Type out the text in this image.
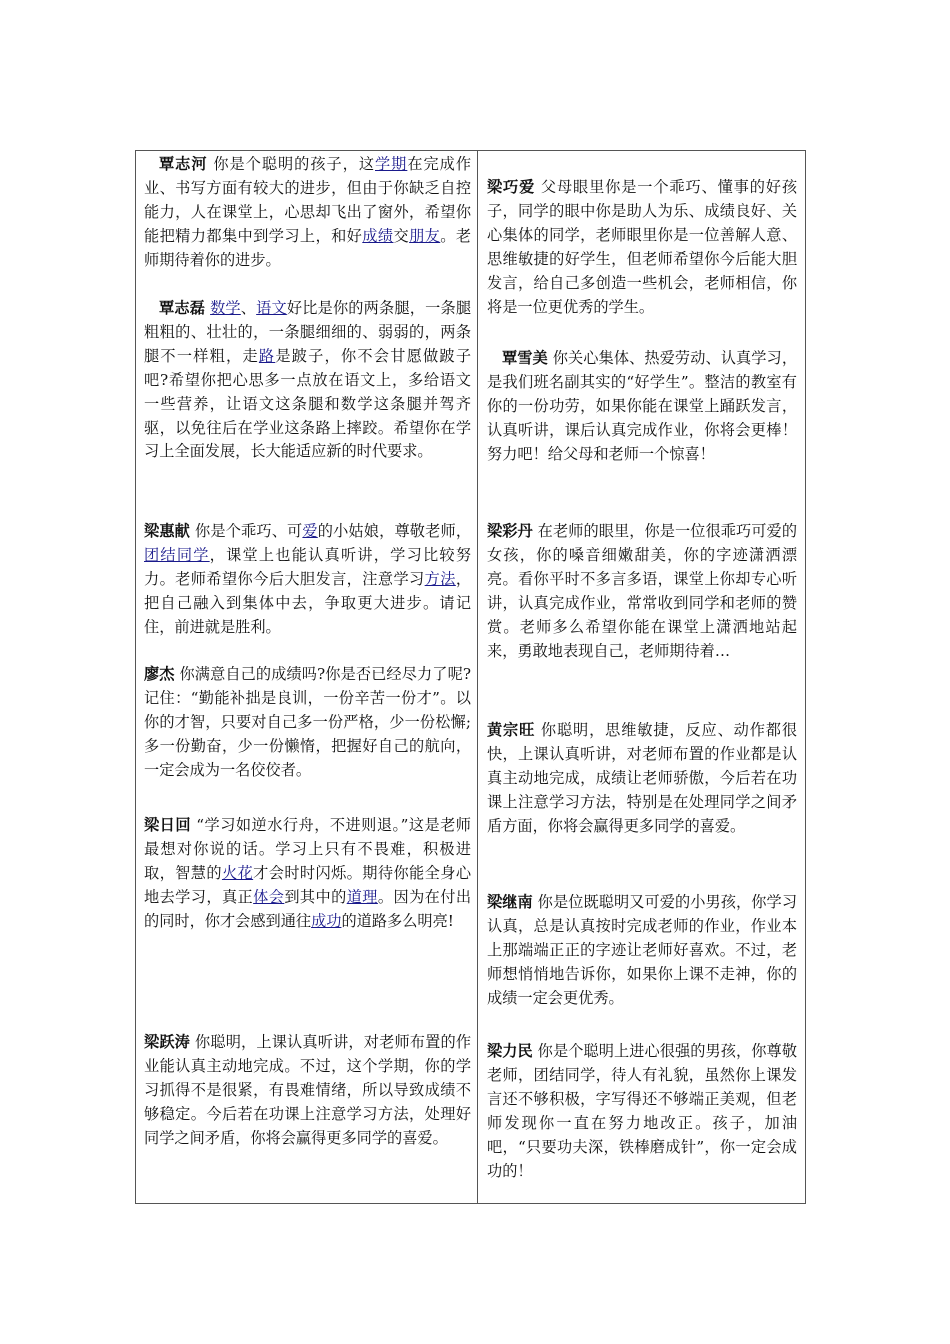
覃志河 你是个聪明的孩子，这学期在完成作业、书写方面有较大的进步，但由于你缺乏自控能力，人在课堂上，心思却飞出了窗外，希望你能把精力都集中到学习上，和好成绩交朋友。老师期待着你的进步。
覃志磊 数学、语文好比是你的两条腿，一条腿粗粗的、壮壮的，一条腿细细的、弱弱的，两条腿不一样粗，走路是跛子，你不会甘愿做跛子吧?希望你把心思多一点放在语文上，多给语文一些营养，让语文这条腿和数学这条腿并驾齐驱，以免往后在学业这条路上摔跤。希望你在学习上全面发展，长大能适应新的时代要求。
梁惠献 你是个乖巧、可爱的小姑娘，尊敬老师，团结同学，课堂上也能认真听讲，学习比较努力。老师希望你今后大胆发言，注意学习方法，把自己融入到集体中去，争取更大进步。请记住，前进就是胜利。
廖杰 你满意自己的成绩吗?你是否已经尽力了呢?记住：“勤能补拙是良训，一份辛苦一份才”。以你的才智，只要对自己多一份严格，少一份松懈;多一份勤奋，少一份懒惰，把握好自己的航向，一定会成为一名佼佼者。
梁日回 “学习如逆水行舟，不进则退。”这是老师最想对你说的话。学习上只有不畏难，积极进取，智慧的火花才会时时闪烁。期待你能全身心地去学习，真正体会到其中的道理。因为在付出的同时，你才会感到通往成功的道路多么明亮!
梁跃涛 你聪明，上课认真听讲，对老师布置的作业能认真主动地完成。不过，这个学期，你的学习抓得不是很紧，有畏难情绪，所以导致成绩不够稳定。今后若在功课上注意学习方法，处理好同学之间矛盾，你将会赢得更多同学的喜爱。
梁巧爱 父母眼里你是一个乖巧、懂事的好孩子，同学的眼中你是助人为乐、成绩良好、关心集体的同学，老师眼里你是一位善解人意、思维敏捷的好学生，但老师希望你今后能大胆发言，给自己多创造一些机会，老师相信，你将是一位更优秀的学生。
覃雪美 你关心集体、热爱劳动、认真学习，是我们班名副其实的“好学生”。整洁的教室有你的一份功劳，如果你能在课堂上踊跃发言，认真听讲，课后认真完成作业，你将会更棒！努力吧！给父母和老师一个惊喜！
梁彩丹 在老师的眼里，你是一位很乖巧可爱的女孩，你的嗓音细嫩甜美，你的字迹潇洒漂亮。看你平时不多言多语，课堂上你却专心听讲，认真完成作业，常常收到同学和老师的赞赏。老师多么希望你能在课堂上潇洒地站起来，勇敢地表现自己，老师期待着…
黄宗旺 你聪明，思维敏捷，反应、动作都很快，上课认真听讲，对老师布置的作业都是认真主动地完成，成绩让老师骄傲，今后若在功课上注意学习方法，特别是在处理同学之间矛盾方面，你将会赢得更多同学的喜爱。
梁继南 你是位既聪明又可爱的小男孩，你学习认真，总是认真按时完成老师的作业，作业本上那端端正正的字迹让老师好喜欢。不过，老师想悄悄地告诉你，如果你上课不走神，你的成绩一定会更优秀。
梁力民 你是个聪明上进心很强的男孩，你尊敬老师，团结同学，待人有礼貌，虽然你上课发言还不够积极，字写得还不够端正美观，但老师发现你一直在努力地改正。孩子，加油吧，“只要功夫深，铁棒磨成针”，你一定会成功的！
